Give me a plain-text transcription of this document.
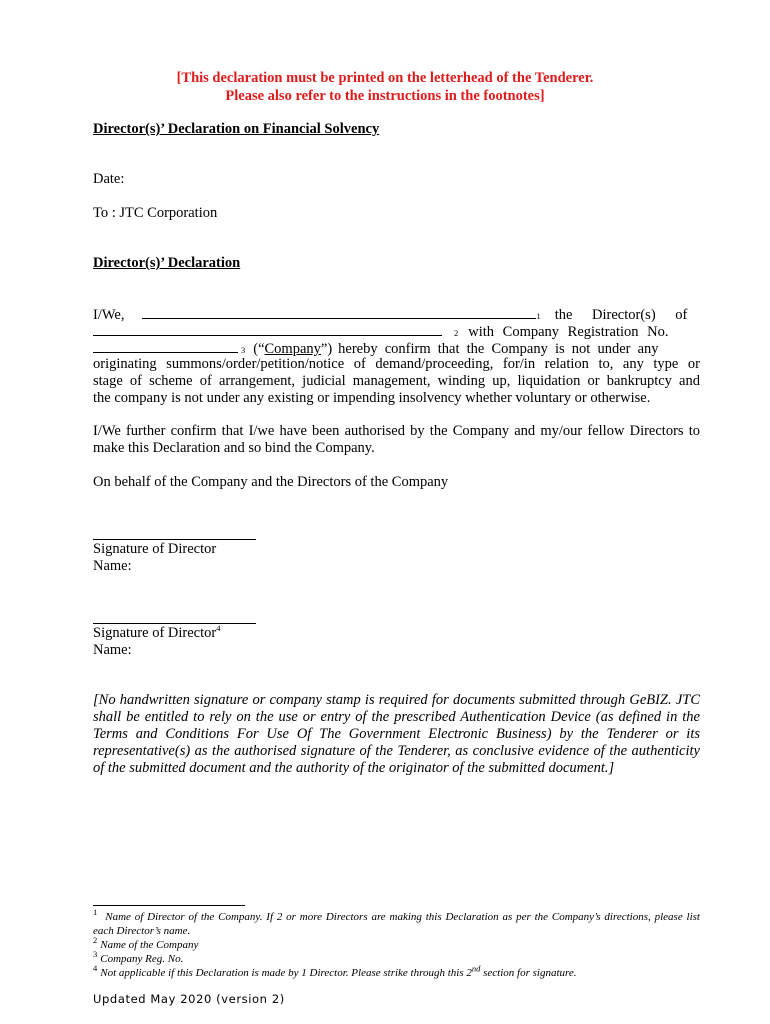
[This declaration must be printed on the letterhead of the Tenderer.
Please also refer to the instructions in the footnotes]
Director(s)’ Declaration on Financial Solvency
Date:
To : JTC Corporation
Director(s)’ Declaration
I/We,	1 the Director(s) of
2 with Company Registration No.
3 (“ Company ”) hereby confirm that the Company is not under any
originating summons/order/petition/notice of demand/proceeding, for/in relation to, any type or
stage of scheme of arrangement, judicial management, winding up, liquidation or bankruptcy and
the company is not under any existing or impending insolvency whether voluntary or otherwise.
I/We further confirm that I/we have been authorised by the Company and my/our fellow Directors to make this Declaration and so bind the Company.
On behalf of the Company and the Directors of the Company
Signature of Director
Name:
Signature of Director$^4$
Name:
[No handwritten signature or company stamp is required for documents submitted through GeBIZ. JTC shall be entitled to rely on the use or entry of the prescribed Authentication Device (as defined in the Terms and Conditions For Use Of The Government Electronic Business) by the Tenderer or its representative(s) as the authorised signature of the Tenderer, as conclusive evidence of the authenticity of the submitted document and the authority of the originator of the submitted document.]
$^1$ Name of Director of the Company. If 2 or more Directors are making this Declaration as per the Company’s directions, please list each Director’s name.
$^2$ Name of the Company
$^3$ Company Reg. No.
$^4$ Not applicable if this Declaration is made by 1 Director. Please strike through this 2nd section for signature.
Updated May 2020 (version 2)
